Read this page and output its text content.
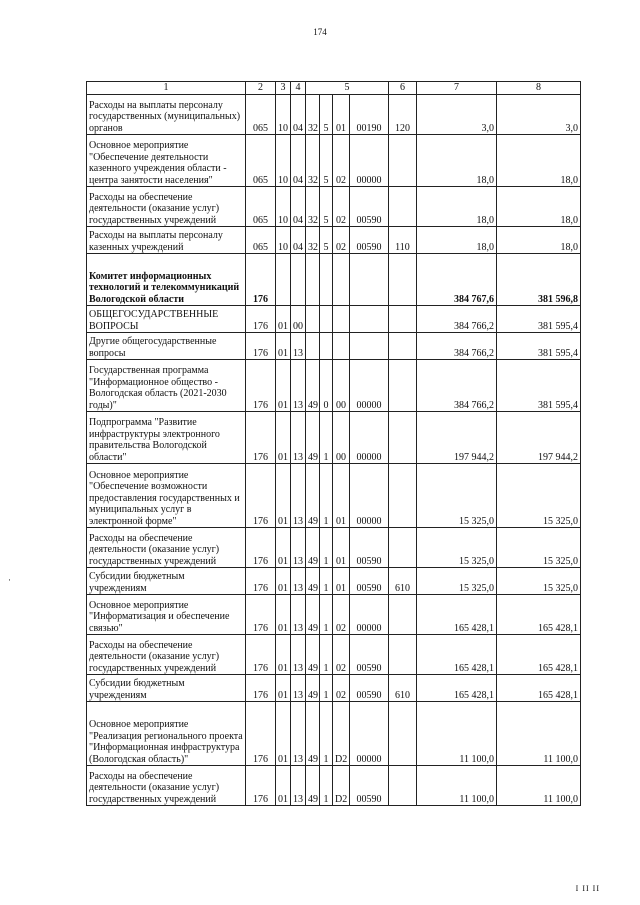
174
1	2	3	4	5				6	7	8
Расходы на выплаты персоналу государственных (муниципальных) органов	065	10	04	32	5	01	00190	120	3,0	3,0
Основное мероприятие "Обеспечение деятельности казенного учреждения области - центра занятости населения"	065	10	04	32	5	02	00000		18,0	18,0
Расходы на обеспечение деятельности (оказание услуг) государственных учреждений	065	10	04	32	5	02	00590		18,0	18,0
Расходы на выплаты персоналу казенных учреждений	065	10	04	32	5	02	00590	110	18,0	18,0
Комитет информационных технологий и телекоммуникаций Вологодской области	176								384 767,6	381 596,8
ОБЩЕГОСУДАРСТВЕННЫЕ ВОПРОСЫ	176	01	00						384 766,2	381 595,4
Другие общегосударственные вопросы	176	01	13						384 766,2	381 595,4
Государственная программа "Информационное общество - Вологодская область (2021-2030 годы)"	176	01	13	49	0	00	00000		384 766,2	381 595,4
Подпрограмма "Развитие инфраструктуры электронного правительства Вологодской области"	176	01	13	49	1	00	00000		197 944,2	197 944,2
Основное мероприятие "Обеспечение возможности предоставления государственных и муниципальных услуг в электронной форме"	176	01	13	49	1	01	00000		15 325,0	15 325,0
Расходы на обеспечение деятельности (оказание услуг) государственных учреждений	176	01	13	49	1	01	00590		15 325,0	15 325,0
Субсидии бюджетным учреждениям	176	01	13	49	1	01	00590	610	15 325,0	15 325,0
Основное мероприятие "Информатизация и обеспечение связью"	176	01	13	49	1	02	00000		165 428,1	165 428,1
Расходы на обеспечение деятельности (оказание услуг) государственных учреждений	176	01	13	49	1	02	00590		165 428,1	165 428,1
Субсидии бюджетным учреждениям	176	01	13	49	1	02	00590	610	165 428,1	165 428,1
Основное мероприятие "Реализация регионального проекта "Информационная инфраструктура (Вологодская область)"	176	01	13	49	1	D2	00000		11 100,0	11 100,0
Расходы на обеспечение деятельности (оказание услуг) государственных учреждений	176	01	13	49	1	D2	00590		11 100,0	11 100,0
·
I II II
